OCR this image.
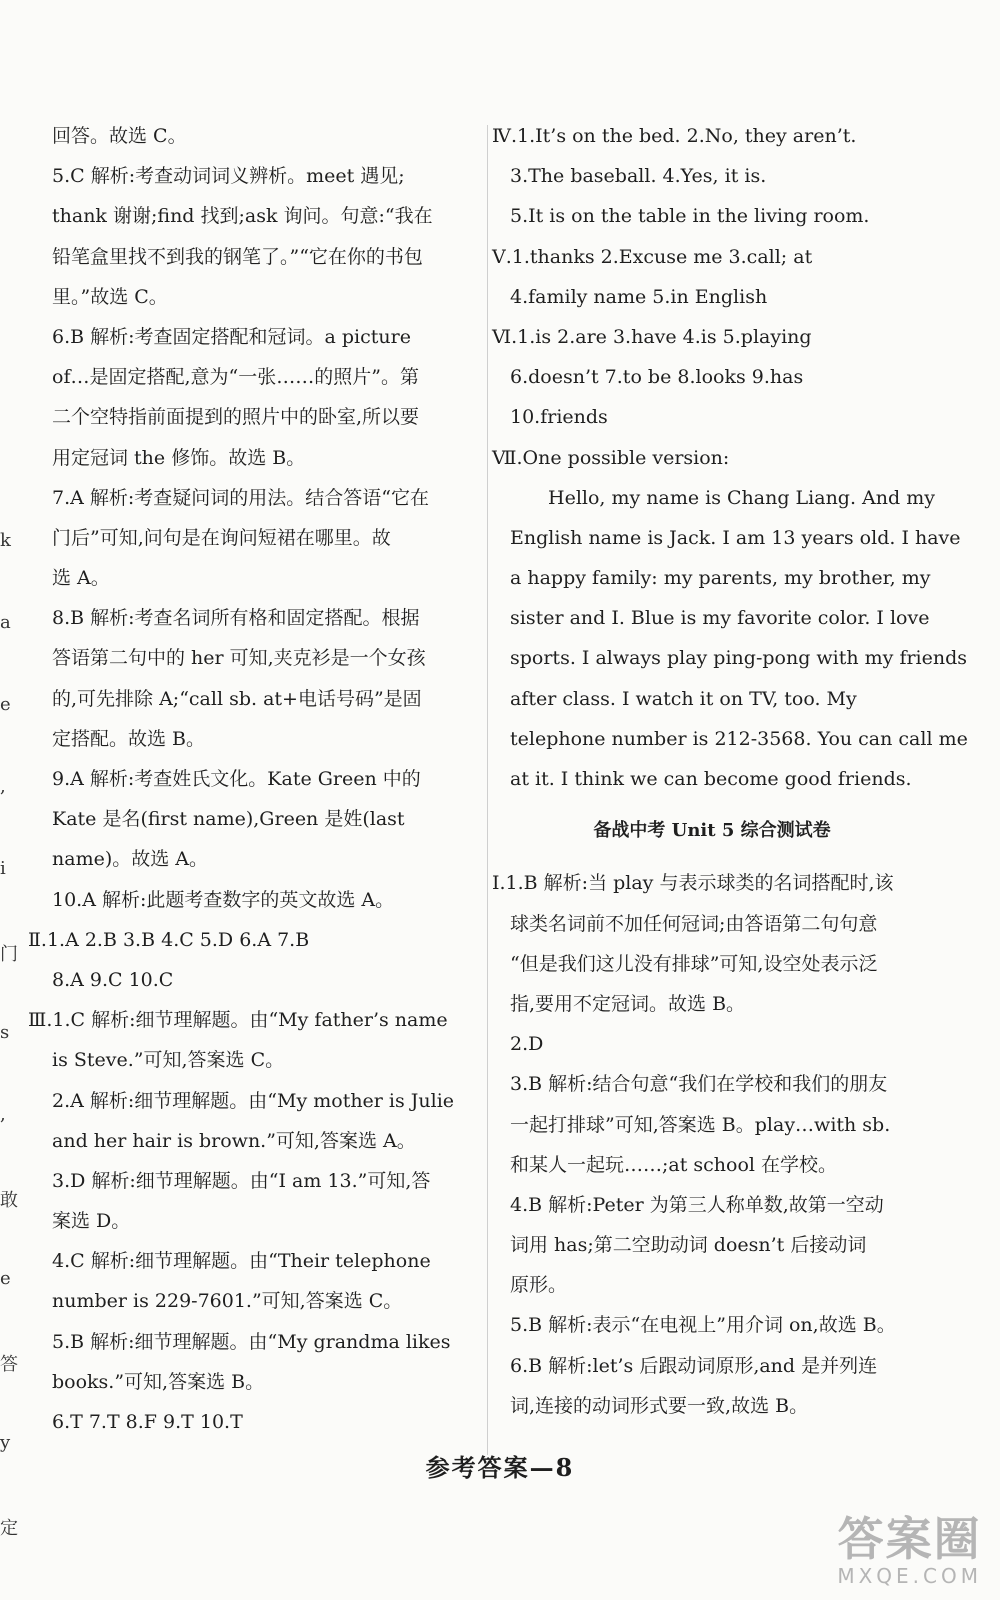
k
a
e
,
i
门
s
,
敢
e
答
y
定
回答。故选 C。
5.C 解析:考查动词词义辨析。meet 遇见;
thank 谢谢;find 找到;ask 询问。句意:“我在
铅笔盒里找不到我的钢笔了。”“它在你的书包
里。”故选 C。
6.B 解析:考查固定搭配和冠词。a picture
of…是固定搭配,意为“一张……的照片”。第
二个空特指前面提到的照片中的卧室,所以要
用定冠词 the 修饰。故选 B。
7.A 解析:考查疑问词的用法。结合答语“它在
门后”可知,问句是在询问短裙在哪里。故
选 A。
8.B 解析:考查名词所有格和固定搭配。根据
答语第二句中的 her 可知,夹克衫是一个女孩
的,可先排除 A;“call sb. at+电话号码”是固
定搭配。故选 B。
9.A 解析:考查姓氏文化。Kate Green 中的
Kate 是名(first name),Green 是姓(last
name)。故选 A。
10.A 解析:此题考查数字的英文故选 A。
Ⅱ.1.A 2.B 3.B 4.C 5.D 6.A 7.B
8.A 9.C 10.C
Ⅲ.1.C 解析:细节理解题。由“My father’s name
is Steve.”可知,答案选 C。
2.A 解析:细节理解题。由“My mother is Julie
and her hair is brown.”可知,答案选 A。
3.D 解析:细节理解题。由“I am 13.”可知,答
案选 D。
4.C 解析:细节理解题。由“Their telephone
number is 229-7601.”可知,答案选 C。
5.B 解析:细节理解题。由“My grandma likes
books.”可知,答案选 B。
6.T 7.T 8.F 9.T 10.T
Ⅳ.1.It’s on the bed. 2.No, they aren’t.
3.The baseball. 4.Yes, it is.
5.It is on the table in the living room.
Ⅴ.1.thanks 2.Excuse me 3.call; at
4.family name 5.in English
Ⅵ.1.is 2.are 3.have 4.is 5.playing
6.doesn’t 7.to be 8.looks 9.has
10.friends
Ⅶ.One possible version:
Hello, my name is Chang Liang. And my
English name is Jack. I am 13 years old. I have
a happy family: my parents, my brother, my
sister and I. Blue is my favorite color. I love
sports. I always play ping-pong with my friends
after class. I watch it on TV, too. My
telephone number is 212-3568. You can call me
at it. I think we can become good friends.
备战中考 Unit 5 综合测试卷
Ⅰ.1.B 解析:当 play 与表示球类的名词搭配时,该
球类名词前不加任何冠词;由答语第二句句意
“但是我们这儿没有排球”可知,设空处表示泛
指,要用不定冠词。故选 B。
2.D
3.B 解析:结合句意“我们在学校和我们的朋友
一起打排球”可知,答案选 B。play…with sb.
和某人一起玩……;at school 在学校。
4.B 解析:Peter 为第三人称单数,故第一空动
词用 has;第二空助动词 doesn’t 后接动词
原形。
5.B 解析:表示“在电视上”用介词 on,故选 B。
6.B 解析:let’s 后跟动词原形,and 是并列连
词,连接的动词形式要一致,故选 B。
参考答案—8
答案圈
MXQE.COM
